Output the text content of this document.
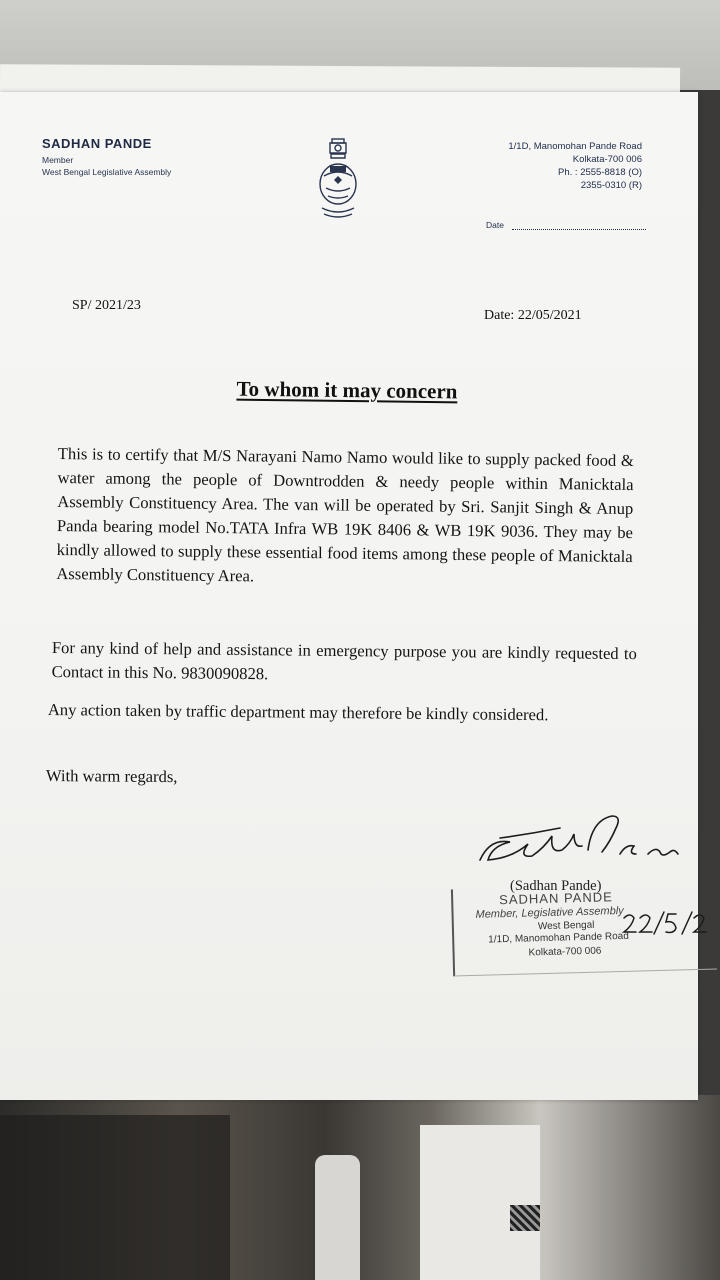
SADHAN PANDE
Member
West Bengal Legislative Assembly
1/1D, Manomohan Pande Road
Kolkata-700 006
Ph. : 2555-8818 (O)
2355-0310 (R)
Date
SP/ 2021/23
Date: 22/05/2021
To whom it may concern
This is to certify that M/S Narayani Namo Namo would like to supply packed food & water among the people of Downtrodden & needy people within Manicktala Assembly Constituency Area. The van will be operated by Sri. Sanjit Singh & Anup Panda bearing model No.TATA Infra WB 19K 8406 & WB 19K 9036. They may be kindly allowed to supply these essential food items among these people of Manicktala Assembly Constituency Area.
For any kind of help and assistance in emergency purpose you are kindly requested to Contact in this No. 9830090828.
Any action taken by traffic department may therefore be kindly considered.
With warm regards,
(Sadhan Pande)
SADHAN PANDE
Member, Legislative Assembly
West Bengal
1/1D, Manomohan Pande Road
Kolkata-700 006
